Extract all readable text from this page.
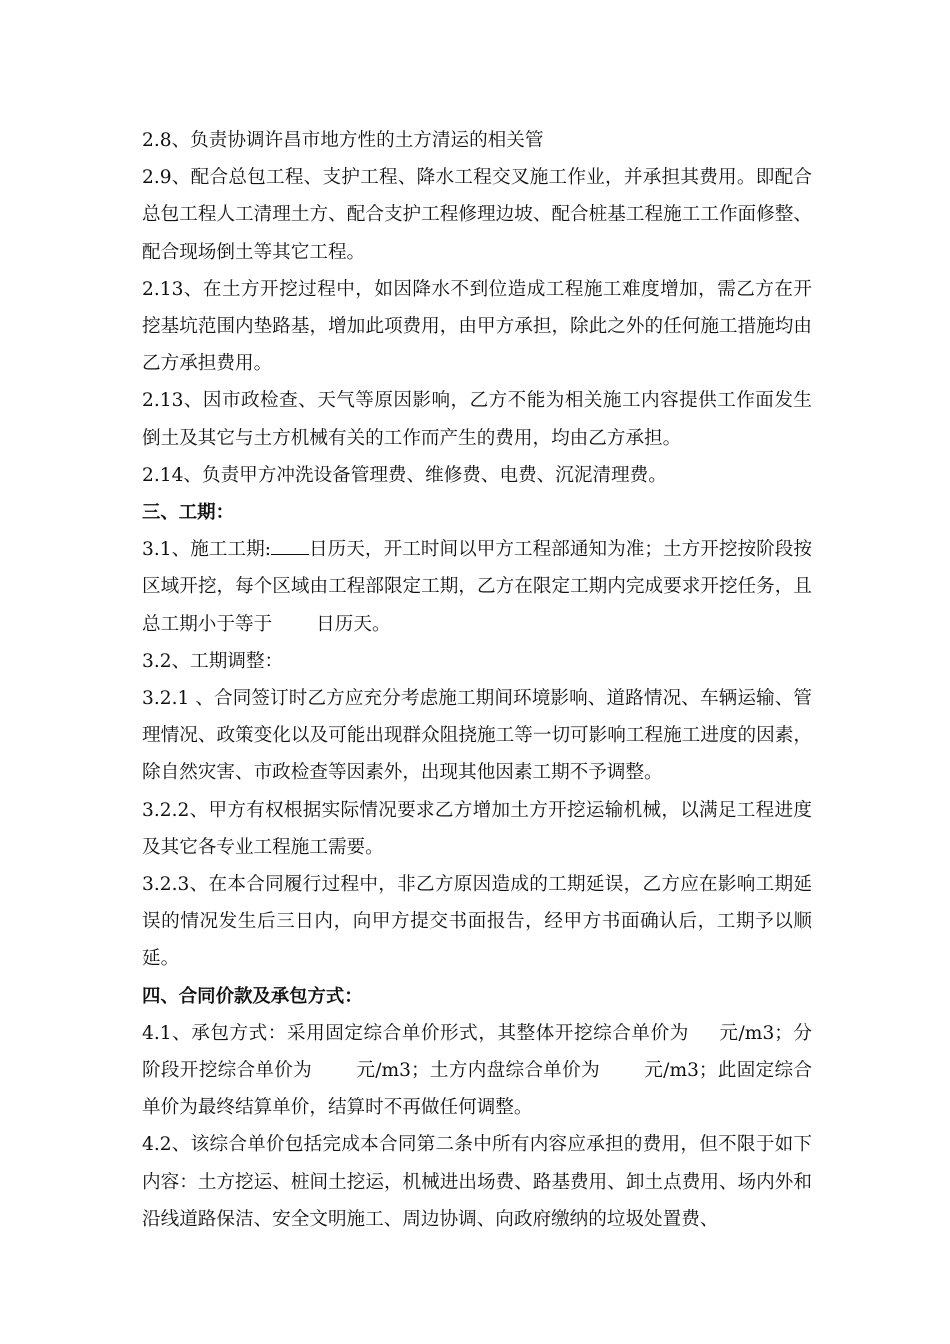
2.8、负责协调许昌市地方性的土方清运的相关管

2.9、配合总包工程、支护工程、降水工程交叉施工作业，并承担其费用。即配合总包工程人工清理土方、配合支护工程修理边坡、配合桩基工程施工工作面修整、配合现场倒土等其它工程。

2.13、在土方开挖过程中，如因降水不到位造成工程施工难度增加，需乙方在开挖基坑范围内垫路基，增加此项费用，由甲方承担，除此之外的任何施工措施均由乙方承担费用。

2.13、因市政检查、天气等原因影响，乙方不能为相关施工内容提供工作面发生倒土及其它与土方机械有关的工作而产生的费用，均由乙方承担。

2.14、负责甲方冲洗设备管理费、维修费、电费、沉泥清理费。

三、工期：

3.1、施工工期: 日历天，开工时间以甲方工程部通知为准；土方开挖按阶段按区域开挖，每个区域由工程部限定工期，乙方在限定工期内完成要求开挖任务，且总工期小于等于 日历天。

3.2、工期调整：

3.2.1 、合同签订时乙方应充分考虑施工期间环境影响、道路情况、车辆运输、管理情况、政策变化以及可能出现群众阻挠施工等一切可影响工程施工进度的因素，除自然灾害、市政检查等因素外，出现其他因素工期不予调整。

3.2.2、甲方有权根据实际情况要求乙方增加土方开挖运输机械，以满足工程进度及其它各专业工程施工需要。

3.2.3、在本合同履行过程中，非乙方原因造成的工期延误，乙方应在影响工期延误的情况发生后三日内，向甲方提交书面报告，经甲方书面确认后，工期予以顺延。

四、合同价款及承包方式：

4.1、承包方式：采用固定综合单价形式，其整体开挖综合单价为 元/m3；分阶段开挖综合单价为 元/m3；土方内盘综合单价为 元/m3；此固定综合单价为最终结算单价，结算时不再做任何调整。

4.2、该综合单价包括完成本合同第二条中所有内容应承担的费用，但不限于如下内容：土方挖运、桩间土挖运，机械进出场费、路基费用、卸土点费用、场内外和沿线道路保洁、安全文明施工、周边协调、向政府缴纳的垃圾处置费、
